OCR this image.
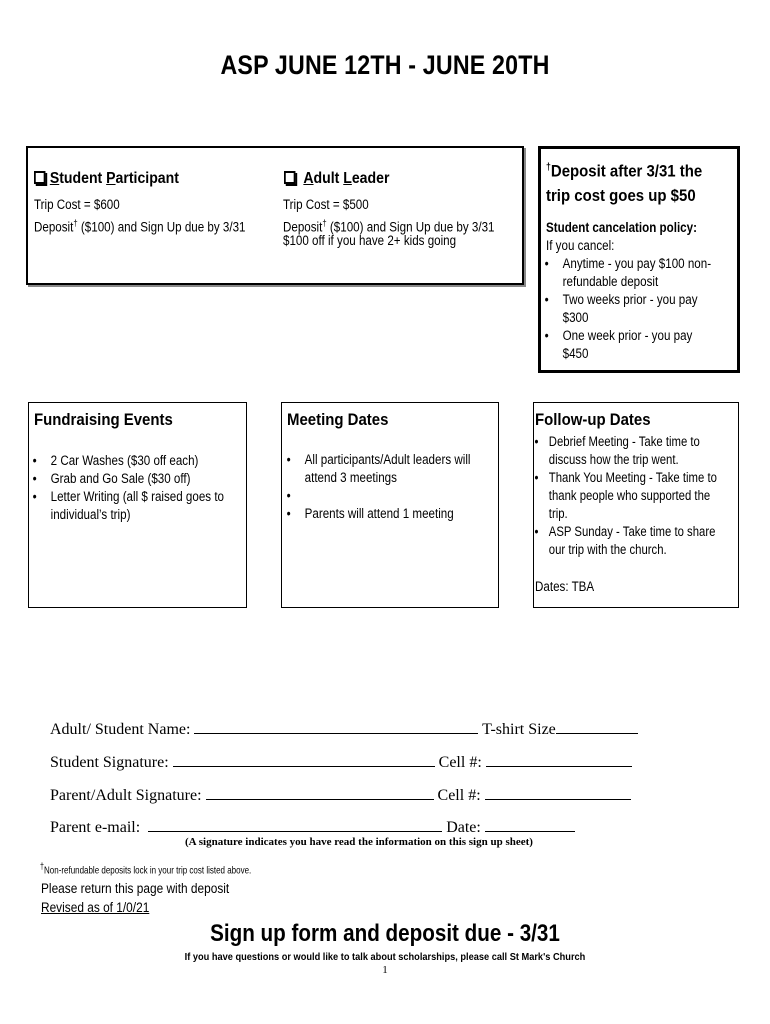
ASP JUNE 12TH - JUNE 20TH
Student Participant
Trip Cost = $600
Deposit† ($100) and Sign Up due by 3/31
Adult Leader
Trip Cost = $500
Deposit† ($100) and Sign Up due by 3/31
$100 off if you have 2+ kids going
†Deposit after 3/31 the
trip cost goes up $50
Student cancelation policy:
If you cancel:
• Anytime - you pay $100 non-
refundable deposit
• Two weeks prior - you pay
$300
• One week prior - you pay
$450
Fundraising Events
• 2 Car Washes ($30 off each)
• Grab and Go Sale ($30 off)
• Letter Writing (all $ raised goes to
individual’s trip)
Meeting Dates
• All participants/Adult leaders will
attend 3 meetings
•
• Parents will attend 1 meeting
Follow-up Dates
• Debrief Meeting - Take time to
discuss how the trip went.
• Thank You Meeting - Take time to
thank people who supported the
trip.
• ASP Sunday - Take time to share
our trip with the church.
Dates: TBA
Adult/ Student Name:	T-shirt Size
Student Signature:	Cell #:
Parent/Adult Signature:	Cell #:
Parent e-mail:	Date:
(A signature indicates you have read the information on this sign up sheet)
†Non-refundable deposits lock in your trip cost listed above.
Please return this page with deposit
Revised as of 1/0/21
Sign up form and deposit due - 3/31
If you have questions or would like to talk about scholarships, please call St Mark's Church
1
